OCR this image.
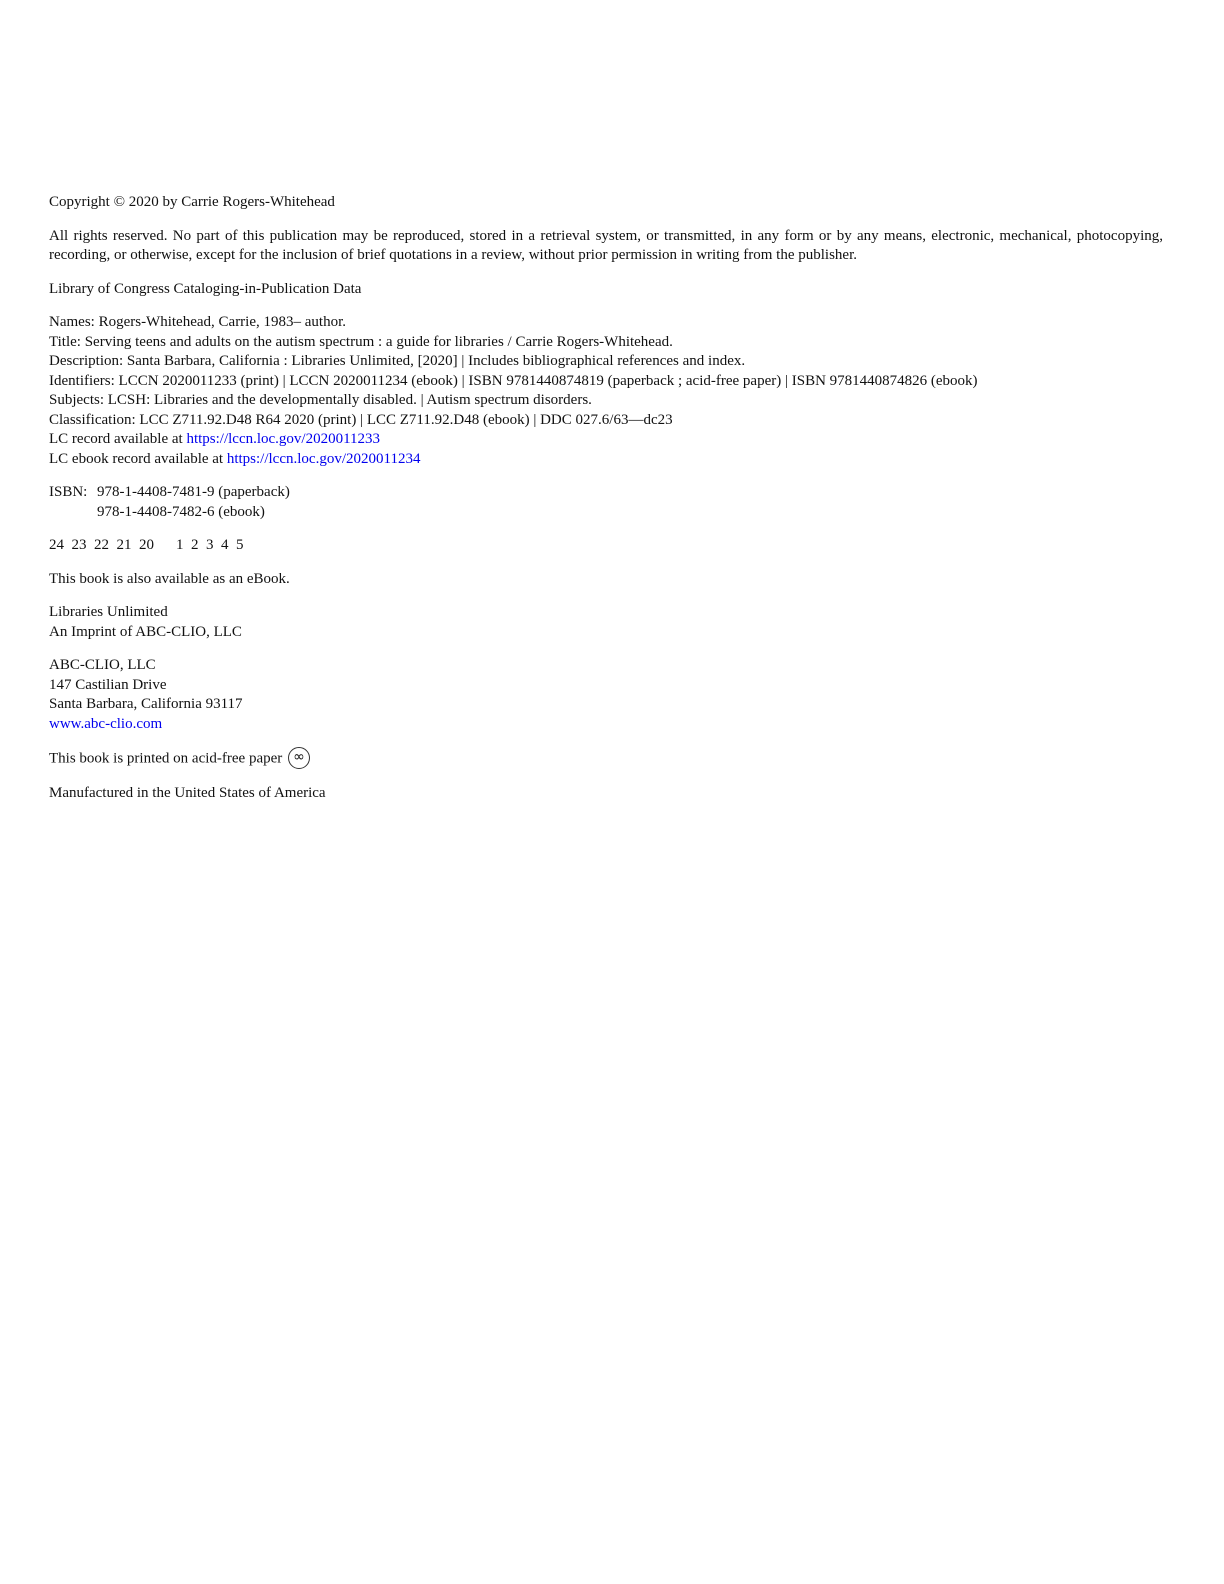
Copyright © 2020 by Carrie Rogers-Whitehead

All rights reserved. No part of this publication may be reproduced, stored in a retrieval system, or transmitted, in any form or by any means, electronic, mechanical, photocopying, recording, or otherwise, except for the inclusion of brief quotations in a review, without prior permission in writing from the publisher.

Library of Congress Cataloging-in-Publication Data

Names: Rogers-Whitehead, Carrie, 1983– author.
Title: Serving teens and adults on the autism spectrum : a guide for libraries / Carrie Rogers-Whitehead.
Description: Santa Barbara, California : Libraries Unlimited, [2020] | Includes bibliographical references and index.
Identifiers: LCCN 2020011233 (print) | LCCN 2020011234 (ebook) | ISBN 9781440874819 (paperback ; acid-free paper) | ISBN 9781440874826 (ebook)
Subjects: LCSH: Libraries and the developmentally disabled. | Autism spectrum disorders.
Classification: LCC Z711.92.D48 R64 2020 (print) | LCC Z711.92.D48 (ebook) | DDC 027.6/63—dc23
LC record available at https://lccn.loc.gov/2020011233
LC ebook record available at https://lccn.loc.gov/2020011234
ISBN: 978-1-4408-7481-9 (paperback)
978-1-4408-7482-6 (ebook)

24  23  22  21  20 1  2  3  4  5

This book is also available as an eBook.

Libraries Unlimited
An Imprint of ABC-CLIO, LLC
ABC-CLIO, LLC
147 Castilian Drive
Santa Barbara, California 93117
www.abc-clio.com

This book is printed on acid-free paper ∞

Manufactured in the United States of America
